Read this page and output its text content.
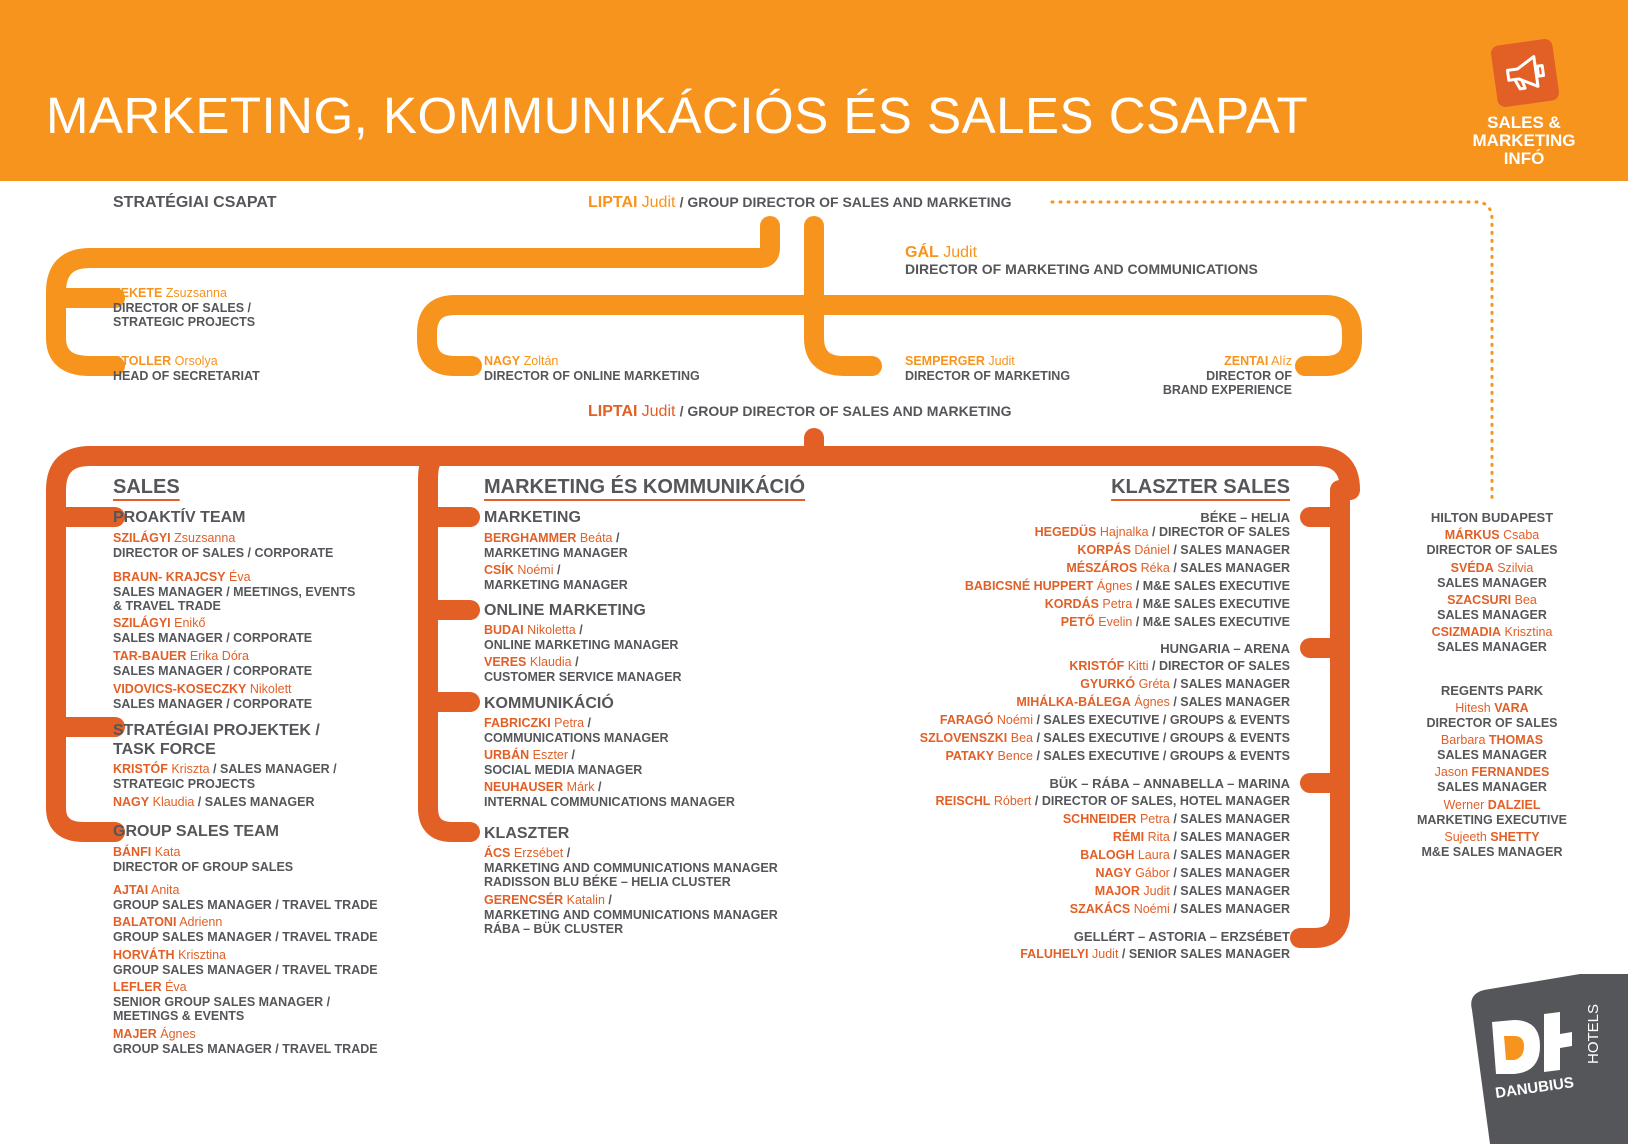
MARKETING, KOMMUNIKÁCIÓS ÉS SALES CSAPAT	SALES &
MARKETING
INFÓ
STRATÉGIAI CSAPAT	LIPTAI Judit / GROUP DIRECTOR OF SALES AND MARKETING
GÁL Judit
DIRECTOR OF MARKETING AND COMMUNICATIONS
FEKETE Zsuzsanna
DIRECTOR OF SALES /
STRATEGIC PROJECTS
STOLLER Orsolya
HEAD OF SECRETARIAT
NAGY Zoltán
DIRECTOR OF ONLINE MARKETING
SEMPERGER Judit
DIRECTOR OF MARKETING
ZENTAI Alíz
DIRECTOR OF
BRAND EXPERIENCE
LIPTAI Judit / GROUP DIRECTOR OF SALES AND MARKETING
SALES
PROAKTÍV TEAM
SZILÁGYI Zsuzsanna
DIRECTOR OF SALES / CORPORATE
BRAUN- KRAJCSY Éva
SALES MANAGER / MEETINGS, EVENTS
& TRAVEL TRADE
SZILÁGYI Enikő
SALES MANAGER / CORPORATE
TAR-BAUER Erika Dóra
SALES MANAGER / CORPORATE
VIDOVICS-KOSECZKY Nikolett
SALES MANAGER / CORPORATE
STRATÉGIAI PROJEKTEK /
TASK FORCE
KRISTÓF Kriszta / SALES MANAGER /
STRATEGIC PROJECTS
NAGY Klaudia / SALES MANAGER
GROUP SALES TEAM
BÁNFI Kata
DIRECTOR OF GROUP SALES
AJTAI Anita
GROUP SALES MANAGER / TRAVEL TRADE
BALATONI Adrienn
GROUP SALES MANAGER / TRAVEL TRADE
HORVÁTH Krisztina
GROUP SALES MANAGER / TRAVEL TRADE
LEFLER Éva
SENIOR GROUP SALES MANAGER /
MEETINGS & EVENTS
MAJER Ágnes
GROUP SALES MANAGER / TRAVEL TRADE
MARKETING ÉS KOMMUNIKÁCIÓ
MARKETING
BERGHAMMER Beáta /
MARKETING MANAGER
CSÍK Noémi /
MARKETING MANAGER
ONLINE MARKETING
BUDAI Nikoletta /
ONLINE MARKETING MANAGER
VERES Klaudia /
CUSTOMER SERVICE MANAGER
KOMMUNIKÁCIÓ
FABRICZKI Petra /
COMMUNICATIONS MANAGER
URBÁN Eszter /
SOCIAL MEDIA MANAGER
NEUHAUSER Márk /
INTERNAL COMMUNICATIONS MANAGER
KLASZTER
ÁCS Erzsébet /
MARKETING AND COMMUNICATIONS MANAGER
RADISSON BLU BÉKE – HELIA CLUSTER
GERENCSÉR Katalin /
MARKETING AND COMMUNICATIONS MANAGER
RÁBA – BÜK CLUSTER
KLASZTER SALES
BÉKE – HELIA
HEGEDÜS Hajnalka / DIRECTOR OF SALES
KORPÁS Dániel / SALES MANAGER
MÉSZÁROS Réka / SALES MANAGER
BABICSNÉ HUPPERT Ágnes / M&E SALES EXECUTIVE
KORDÁS Petra / M&E SALES EXECUTIVE
PETŐ Evelin / M&E SALES EXECUTIVE
HUNGARIA – ARENA
KRISTÓF Kitti / DIRECTOR OF SALES
GYURKÓ Gréta / SALES MANAGER
MIHÁLKA-BÁLEGA Ágnes / SALES MANAGER
FARAGÓ Noémi / SALES EXECUTIVE / GROUPS & EVENTS
SZLOVENSZKI Bea / SALES EXECUTIVE / GROUPS & EVENTS
PATAKY Bence / SALES EXECUTIVE / GROUPS & EVENTS
BÜK – RÁBA – ANNABELLA – MARINA
REISCHL Róbert / DIRECTOR OF SALES, HOTEL MANAGER
SCHNEIDER Petra / SALES MANAGER
RÉMI Rita / SALES MANAGER
BALOGH Laura / SALES MANAGER
NAGY Gábor / SALES MANAGER
MAJOR Judit / SALES MANAGER
SZAKÁCS Noémi / SALES MANAGER
GELLÉRT – ASTORIA – ERZSÉBET
FALUHELYI Judit / SENIOR SALES MANAGER
HILTON BUDAPEST
MÁRKUS Csaba
DIRECTOR OF SALES
SVÉDA Szilvia
SALES MANAGER
SZACSURI Bea
SALES MANAGER
CSIZMADIA Krisztina
SALES MANAGER
REGENTS PARK
Hitesh VARA
DIRECTOR OF SALES
Barbara THOMAS
SALES MANAGER
Jason FERNANDES
SALES MANAGER
Werner DALZIEL
MARKETING EXECUTIVE
Sujeeth SHETTY
M&E SALES MANAGER
HOTELS
DANUBIUS
